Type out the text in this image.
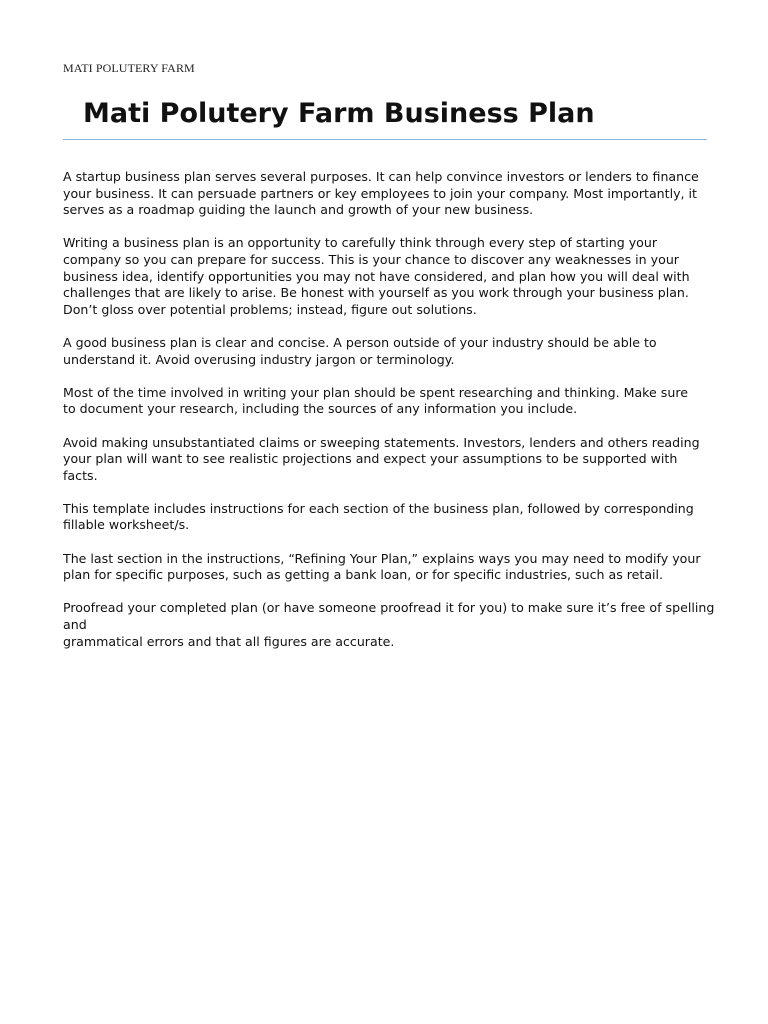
MATI POLUTERY FARM
Mati Polutery Farm Business Plan

A startup business plan serves several purposes. It can help convince investors or lenders to finance
your business. It can persuade partners or key employees to join your company. Most importantly, it
serves as a roadmap guiding the launch and growth of your new business.

Writing a business plan is an opportunity to carefully think through every step of starting your
company so you can prepare for success. This is your chance to discover any weaknesses in your
business idea, identify opportunities you may not have considered, and plan how you will deal with
challenges that are likely to arise. Be honest with yourself as you work through your business plan.
Don’t gloss over potential problems; instead, figure out solutions.

A good business plan is clear and concise. A person outside of your industry should be able to
understand it. Avoid overusing industry jargon or terminology.

Most of the time involved in writing your plan should be spent researching and thinking. Make sure
to document your research, including the sources of any information you include.

Avoid making unsubstantiated claims or sweeping statements. Investors, lenders and others reading
your plan will want to see realistic projections and expect your assumptions to be supported with
facts.

This template includes instructions for each section of the business plan, followed by corresponding
fillable worksheet/s.

The last section in the instructions, “Refining Your Plan,” explains ways you may need to modify your
plan for specific purposes, such as getting a bank loan, or for specific industries, such as retail.

Proofread your completed plan (or have someone proofread it for you) to make sure it’s free of spelling
and
grammatical errors and that all figures are accurate.
